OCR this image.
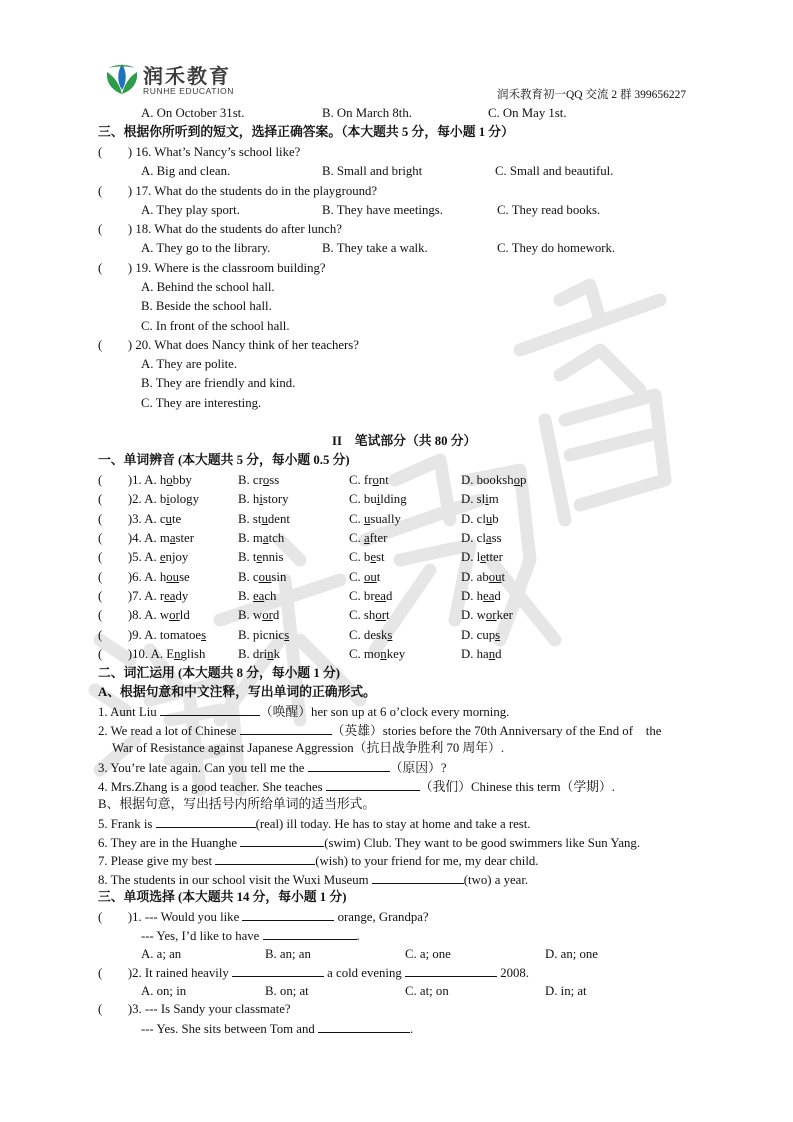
润禾教育
RUNHE EDUCATION	润禾教育初一QQ 交流 2 群 399656227
A. On October 31st.	B. On March 8th.	C. On May 1st.
三、根据你所听到的短文，选择正确答案。（本大题共 5 分，每小题 1 分）
(　　) 16. What’s Nancy’s school like?
A. Big and clean.	B. Small and bright	C. Small and beautiful.
(　　) 17. What do the students do in the playground?
A. They play sport.	B. They have meetings.	C. They read books.
(　　) 18. What do the students do after lunch?
A. They go to the library.	B. They take a walk.	C. They do homework.
(　　) 19. Where is the classroom building?
A. Behind the school hall.
B. Beside the school hall.
C. In front of the school hall.
(　　) 20. What does Nancy think of her teachers?
A. They are polite.
B. They are friendly and kind.
C. They are interesting.
II　笔试部分（共 80 分）
一、单词辨音 (本大题共 5 分，每小题 0.5 分)
(　　)1. A. hobby	B. cross	C. front	D. bookshop
(　　)2. A. biology	B. history	C. building	D. slim
(　　)3. A. cute	B. student	C. usually	D. club
(　　)4. A. master	B. match	C. after	D. class
(　　)5. A. enjoy	B. tennis	C. best	D. letter
(　　)6. A. house	B. cousin	C. out	D. about
(　　)7. A. ready	B. each	C. bread	D. head
(　　)8. A. world	B. word	C. short	D. worker
(　　)9. A. tomatoes B. picnics	C. desks	D. cups
(　　)10. A. English	B. drink	C. monkey	D. hand
二、词汇运用 (本大题共 8 分，每小题 1 分)
A、根据句意和中文注释，写出单词的正确形式。
1. Aunt Liu	（唤醒）her son up at 6 o’clock every morning.
2. We read a lot of Chinese	（英雄）stories before the 70th Anniversary of the End of　the
War of Resistance against Japanese Aggression（抗日战争胜利 70 周年）.
3. You’re late again. Can you tell me the	（原因）?
4. Mrs.Zhang is a good teacher. She teaches	（我们）Chinese this term（学期）.
B、根据句意，写出括号内所给单词的适当形式。
5. Frank is	(real) ill today. He has to stay at home and take a rest.
6. They are in the Huanghe	(swim) Club. They want to be good swimmers like Sun Yang.
7. Please give my best	(wish) to your friend for me, my dear child.
8. The students in our school visit the Wuxi Museum	(two) a year.
三、单项选择 (本大题共 14 分，每小题 1 分)
(　　)1. --- Would you like	orange, Grandpa?
--- Yes, I’d like to have	.
A. a; an	B. an; an	C. a; one	D. an; one
(　　)2. It rained heavily	a cold evening	2008.
A. on; in	B. on; at	C. at; on	D. in; at
(　　)3. --- Is Sandy your classmate?
--- Yes. She sits between Tom and	.
